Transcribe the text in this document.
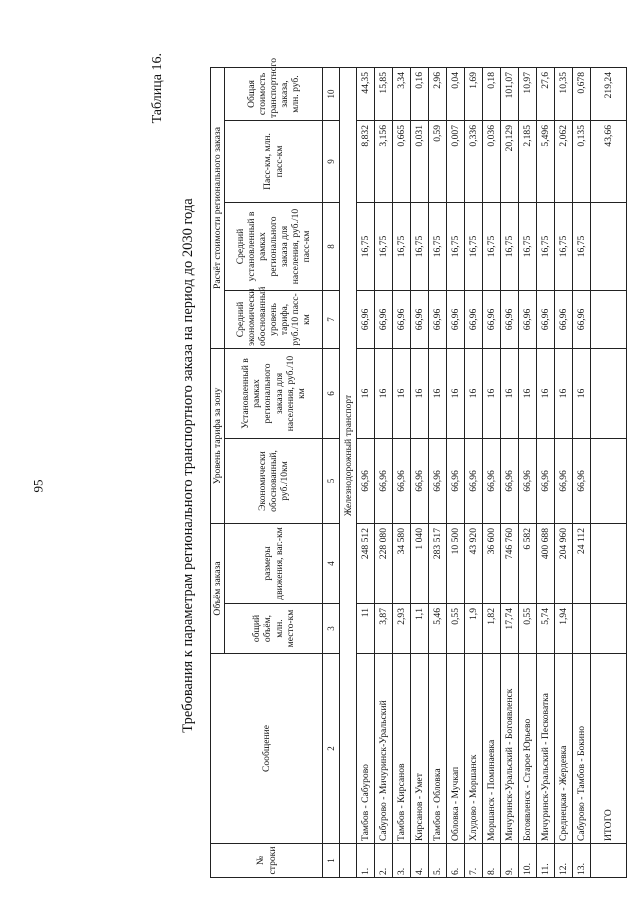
95
Таблица 16.
Требования к параметрам регионального транспортного заказа на период до 2030 года
№ строки	Сообщение	Объём заказа		Уровень тарифа за зону		Расчёт стоимости регионального заказа			
		общий объём, млн. место-км	размеры движения, ваг.-км	Экономически обоснованный, руб./10км	Установленный в рамках регионального заказа для населения, руб./10 км	Средний экономически обоснованный уровень тарифа, руб./10 пасс-км	Средний установленный в рамках регионального заказа для населения, руб./10 пасс-км	Пасс-км, млн. пасс-км	Общая стоимость транспортного заказа, млн. руб.
1	2	3	4	5	6	7	8	9	10
	Железнодорожный транспорт								
1.	Тамбов - Сабурово	11	248 512	66,96	16	66,96	16,75	8,832	44,35
2.	Сабурово - Мичуринск-Уральский	3,87	228 080	66,96	16	66,96	16,75	3,156	15,85
3.	Тамбов - Кирсанов	2,93	34 580	66,96	16	66,96	16,75	0,665	3,34
4.	Кирсанов - Умет	1,1	1 040	66,96	16	66,96	16,75	0,031	0,16
5.	Тамбов - Обловка	5,46	283 517	66,96	16	66,96	16,75	0,59	2,96
6.	Обловка - Мучкап	0,55	10 500	66,96	16	66,96	16,75	0,007	0,04
7.	Хлудово - Моршанск	1,9	43 920	66,96	16	66,96	16,75	0,336	1,69
8.	Моршанск - Поминаевка	1,82	36 600	66,96	16	66,96	16,75	0,036	0,18
9.	Мичуринск-Уральский - Богоявленск	17,74	746 760	66,96	16	66,96	16,75	20,129	101,07
10.	Богоявленск - Старое Юрьево	0,55	6 582	66,96	16	66,96	16,75	2,185	10,97
11.	Мичуринск-Уральский - Песковатка	5,74	400 688	66,96	16	66,96	16,75	5,496	27,6
12.	Среднецкая - Жердевка	1,94	204 960	66,96	16	66,96	16,75	2,062	10,35
13.	Сабурово - Тамбов - Бокино		24 112	66,96	16	66,96	16,75	0,135	0,678
	ИТОГО							43,66	219,24
